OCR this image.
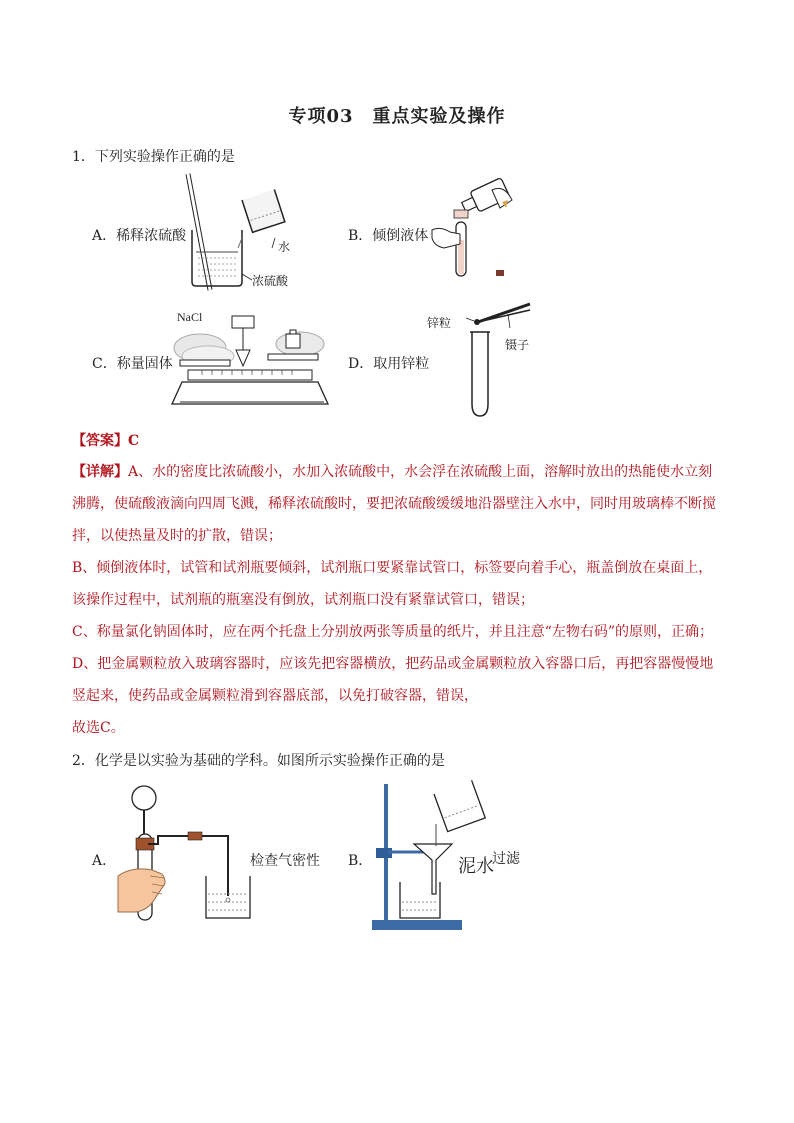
专项03　重点实验及操作
1．下列实验操作正确的是
A．稀释浓硫酸
水
浓硫酸
B．倾倒液体
NaCl
C．称量固体
锌粒
镊子
D．取用锌粒
【答案】C

【详解】A、水的密度比浓硫酸小，水加入浓硫酸中，水会浮在浓硫酸上面，溶解时放出的热能使水立刻沸腾，使硫酸液滴向四周飞溅，稀释浓硫酸时，要把浓硫酸缓缓地沿器壁注入水中，同时用玻璃棒不断搅拌，以使热量及时的扩散，错误；

B、倾倒液体时，试管和试剂瓶要倾斜，试剂瓶口要紧靠试管口，标签要向着手心，瓶盖倒放在桌面上，该操作过程中，试剂瓶的瓶塞没有倒放，试剂瓶口没有紧靠试管口，错误；

C、称量氯化钠固体时，应在两个托盘上分别放两张等质量的纸片，并且注意“左物右码”的原则，正确；

D、把金属颗粒放入玻璃容器时，应该先把容器横放，把药品或金属颗粒放入容器口后，再把容器慢慢地竖起来，使药品或金属颗粒滑到容器底部，以免打破容器，错误，

故选C。

2．化学是以实验为基础的学科。如图所示实验操作正确的是
A．	检查气密性 B．	泥水
过滤
